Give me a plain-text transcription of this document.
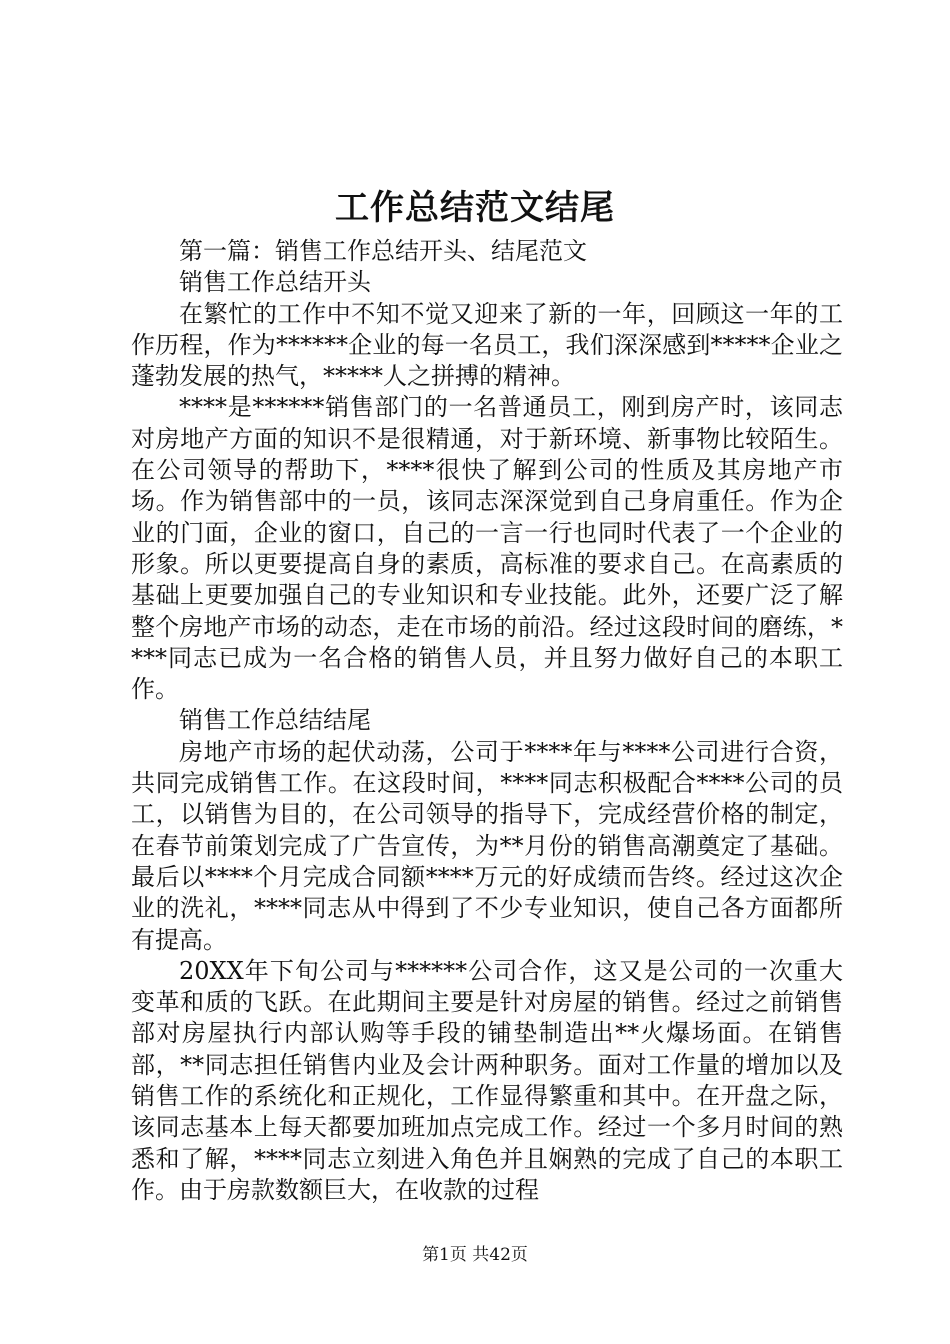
工作总结范文结尾

第一篇：销售工作总结开头、结尾范文

销售工作总结开头

在繁忙的工作中不知不觉又迎来了新的一年，回顾这一年的工作历程，作为******企业的每一名员工，我们深深感到*****企业之蓬勃发展的热气，*****人之拼搏的精神。

****是******销售部门的一名普通员工，刚到房产时，该同志对房地产方面的知识不是很精通，对于新环境、新事物比较陌生。在公司领导的帮助下，****很快了解到公司的性质及其房地产市场。作为销售部中的一员，该同志深深觉到自己身肩重任。作为企业的门面，企业的窗口，自己的一言一行也同时代表了一个企业的形象。所以更要提高自身的素质，高标准的要求自己。在高素质的基础上更要加强自己的专业知识和专业技能。此外，还要广泛了解整个房地产市场的动态，走在市场的前沿。经过这段时间的磨练，****同志已成为一名合格的销售人员，并且努力做好自己的本职工作。

销售工作总结结尾

房地产市场的起伏动荡，公司于****年与****公司进行合资，共同完成销售工作。在这段时间，****同志积极配合****公司的员工，以销售为目的，在公司领导的指导下，完成经营价格的制定，在春节前策划完成了广告宣传，为**月份的销售高潮奠定了基础。最后以****个月完成合同额****万元的好成绩而告终。经过这次企业的洗礼，****同志从中得到了不少专业知识，使自己各方面都所有提高。

20XX年下旬公司与******公司合作，这又是公司的一次重大变革和质的飞跃。在此期间主要是针对房屋的销售。经过之前销售部对房屋执行内部认购等手段的铺垫制造出**火爆场面。在销售部，**同志担任销售内业及会计两种职务。面对工作量的增加以及销售工作的系统化和正规化，工作显得繁重和其中。在开盘之际，该同志基本上每天都要加班加点完成工作。经过一个多月时间的熟悉和了解，****同志立刻进入角色并且娴熟的完成了自己的本职工作。由于房款数额巨大，在收款的过程

第1页 共42页
